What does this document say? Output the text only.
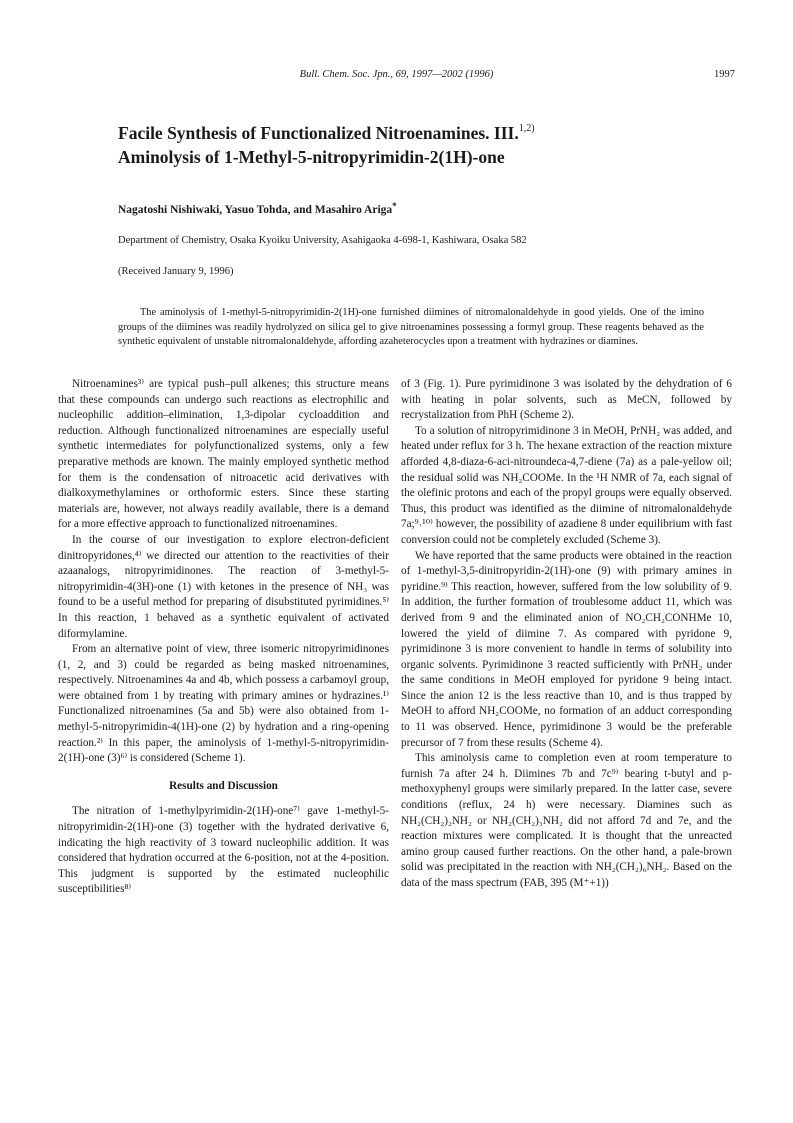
Bull. Chem. Soc. Jpn., 69, 1997—2002 (1996)	1997
Facile Synthesis of Functionalized Nitroenamines. III.$^{1,2)}$
Aminolysis of 1-Methyl-5-nitropyrimidin-2(1H)-one
Nagatoshi Nishiwaki, Yasuo Tohda, and Masahiro Ariga*
Department of Chemistry, Osaka Kyoiku University, Asahigaoka 4-698-1, Kashiwara, Osaka 582
(Received January 9, 1996)
The aminolysis of 1-methyl-5-nitropyrimidin-2(1H)-one furnished diimines of nitromalonaldehyde in good yields. One of the imino groups of the diimines was readily hydrolyzed on silica gel to give nitroenamines possessing a formyl group. These reagents behaved as the synthetic equivalent of unstable nitromalonaldehyde, affording azaheterocycles upon a treatment with hydrazines or diamines.

Nitroenamines³⁾ are typical push–pull alkenes; this structure means that these compounds can undergo such reactions as electrophilic and nucleophilic addition–elimination, 1,3-dipolar cycloaddition and reduction. Although functionalized nitroenamines are especially useful synthetic intermediates for polyfunctionalized systems, only a few preparative methods are known. The mainly employed synthetic method for them is the condensation of nitroacetic acid derivatives with dialkoxymethylamines or orthoformic esters. Since these starting materials are, however, not always readily available, there is a demand for a more effective approach to functionalized nitroenamines.

In the course of our investigation to explore electron-deficient dinitropyridones,⁴⁾ we directed our attention to the reactivities of their azaanalogs, nitropyrimidinones. The reaction of 3-methyl-5-nitropyrimidin-4(3H)-one (1) with ketones in the presence of NH₃ was found to be a useful method for preparing of disubstituted pyrimidines.⁵⁾ In this reaction, 1 behaved as a synthetic equivalent of activated diformylamine.

From an alternative point of view, three isomeric nitropyrimidinones (1, 2, and 3) could be regarded as being masked nitroenamines, respectively. Nitroenamines 4a and 4b, which possess a carbamoyl group, were obtained from 1 by treating with primary amines or hydrazines.¹⁾ Functionalized nitroenamines (5a and 5b) were also obtained from 1-methyl-5-nitropyrimidin-4(1H)-one (2) by hydration and a ring-opening reaction.²⁾ In this paper, the aminolysis of 1-methyl-5-nitropyrimidin-2(1H)-one (3)⁶⁾ is considered (Scheme 1).

Results and Discussion

The nitration of 1-methylpyrimidin-2(1H)-one⁷⁾ gave 1-methyl-5-nitropyrimidin-2(1H)-one (3) together with the hydrated derivative 6, indicating the high reactivity of 3 toward nucleophilic addition. It was considered that hydration occurred at the 6-position, not at the 4-position. This judgment is supported by the estimated nucleophilic susceptibilities⁸⁾

of 3 (Fig. 1). Pure pyrimidinone 3 was isolated by the dehydration of 6 with heating in polar solvents, such as MeCN, followed by recrystalization from PhH (Scheme 2).

To a solution of nitropyrimidinone 3 in MeOH, PrNH₂ was added, and heated under reflux for 3 h. The hexane extraction of the reaction mixture afforded 4,8-diaza-6-aci-nitroundeca-4,7-diene (7a) as a pale-yellow oil; the residual solid was NH₂COOMe. In the ¹H NMR of 7a, each signal of the olefinic protons and each of the propyl groups were equally observed. Thus, this product was identified as the diimine of nitromalonaldehyde 7a;⁹˒¹⁰⁾ however, the possibility of azadiene 8 under equilibrium with fast conversion could not be completely excluded (Scheme 3).

We have reported that the same products were obtained in the reaction of 1-methyl-3,5-dinitropyridin-2(1H)-one (9) with primary amines in pyridine.⁹⁾ This reaction, however, suffered from the low solubility of 9. In addition, the further formation of troublesome adduct 11, which was derived from 9 and the eliminated anion of NO₂CH₂CONHMe 10, lowered the yield of diimine 7. As compared with pyridone 9, pyrimidinone 3 is more convenient to handle in terms of solubility into organic solvents. Pyrimidinone 3 reacted sufficiently with PrNH₂ under the same conditions in MeOH employed for pyridone 9 being intact. Since the anion 12 is the less reactive than 10, and is thus trapped by MeOH to afford NH₂COOMe, no formation of an adduct corresponding to 11 was observed. Hence, pyrimidinone 3 would be the preferable precursor of 7 from these results (Scheme 4).

This aminolysis came to completion even at room temperature to furnish 7a after 24 h. Diimines 7b and 7c⁹⁾ bearing t-butyl and p-methoxyphenyl groups were similarly prepared. In the latter case, severe conditions (reflux, 24 h) were necessary. Diamines such as NH₂(CH₂)₂NH₂ or NH₂(CH₂)₃NH₂ did not afford 7d and 7e, and the reaction mixtures were complicated. It is thought that the unreacted amino group caused further reactions. On the other hand, a pale-brown solid was precipitated in the reaction with NH₂(CH₂)₆NH₂. Based on the data of the mass spectrum (FAB, 395 (M⁺+1))
